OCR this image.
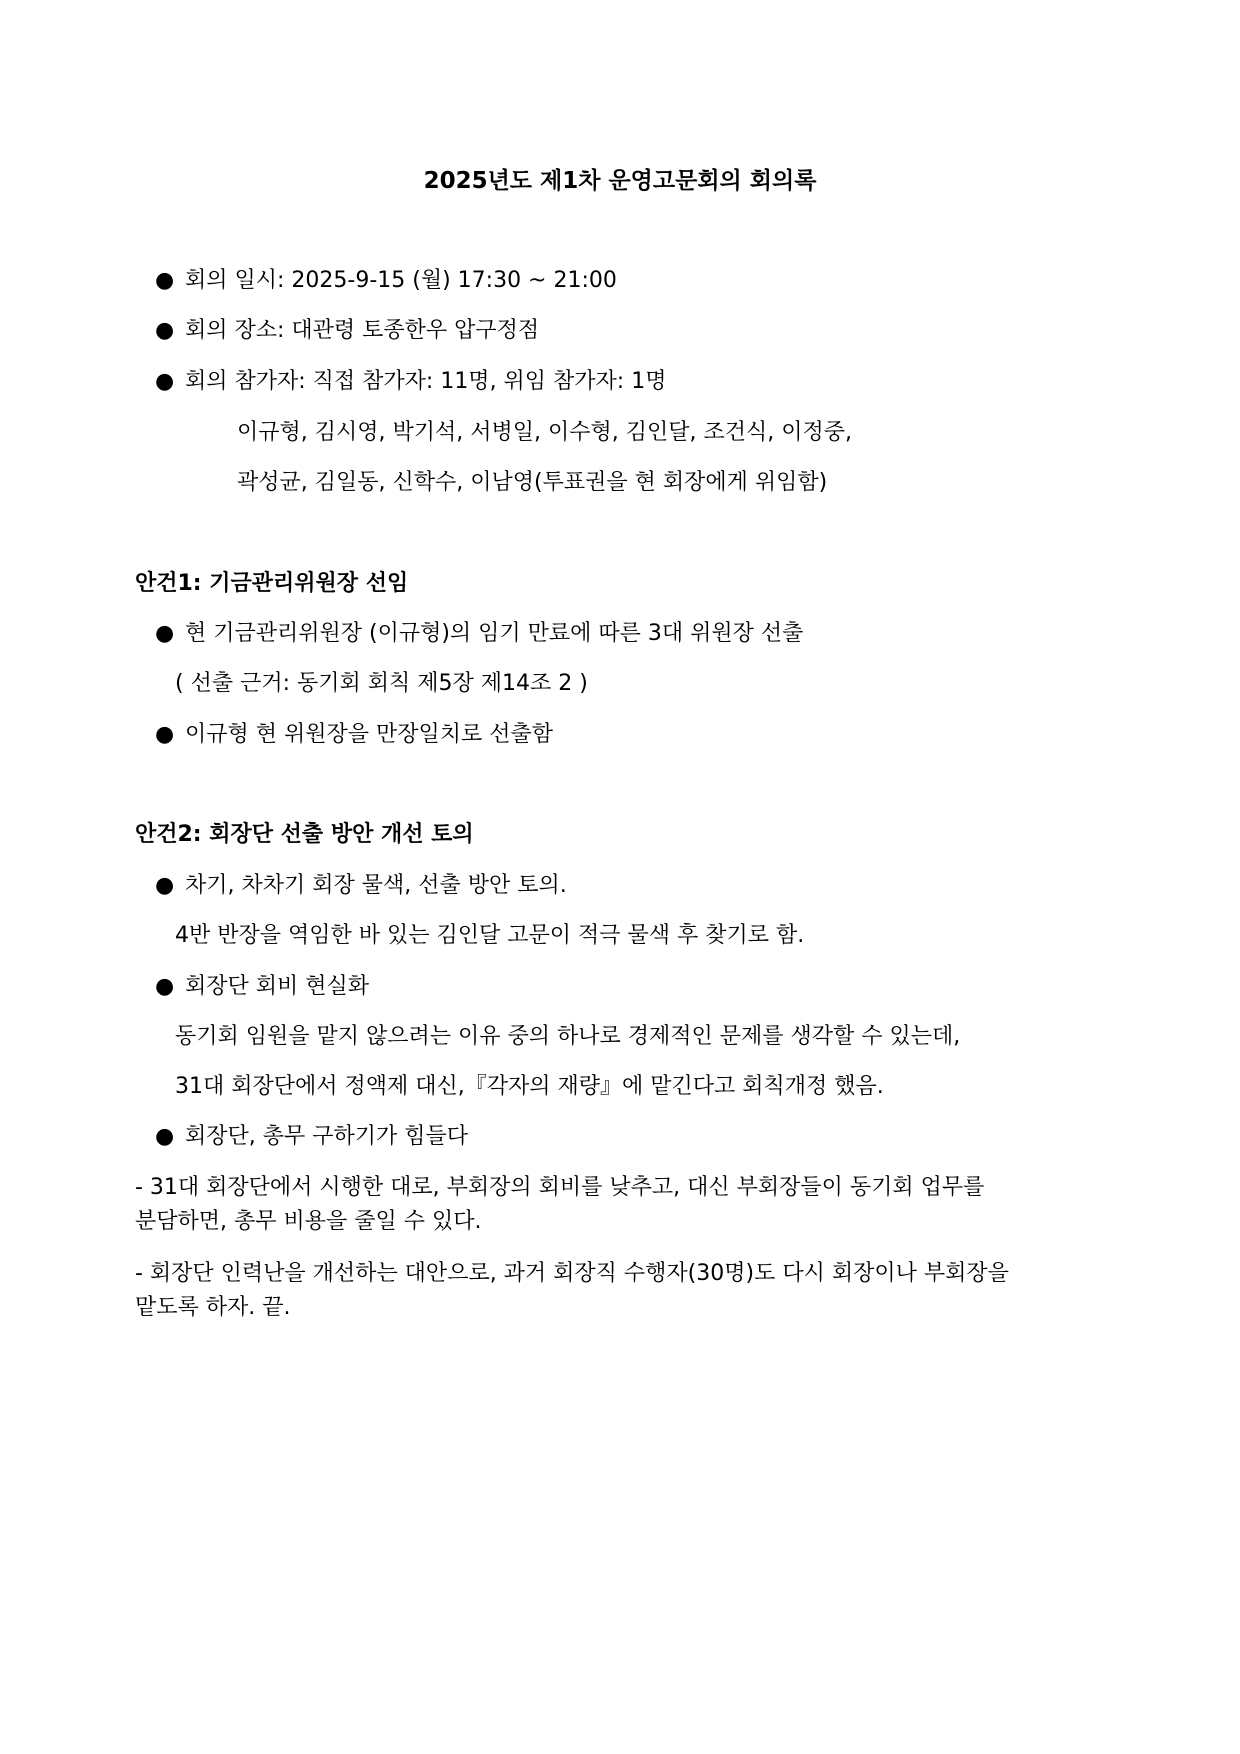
2025년도 제1차 운영고문회의 회의록
● 회의 일시: 2025-9-15 (월) 17:30 ~ 21:00
● 회의 장소: 대관령 토종한우 압구정점
● 회의 참가자: 직접 참가자: 11명, 위임 참가자: 1명
이규형, 김시영, 박기석, 서병일, 이수형, 김인달, 조건식, 이정중,
곽성균, 김일동, 신학수, 이남영(투표권을 현 회장에게 위임함)
안건1: 기금관리위원장 선임
● 현 기금관리위원장 (이규형)의 임기 만료에 따른 3대 위원장 선출
( 선출 근거: 동기회 회칙 제5장 제14조 2 )
● 이규형 현 위원장을 만장일치로 선출함
안건2: 회장단 선출 방안 개선 토의
● 차기, 차차기 회장 물색, 선출 방안 토의.
4반 반장을 역임한 바 있는 김인달 고문이 적극 물색 후 찾기로 함.
● 회장단 회비 현실화
동기회 임원을 맡지 않으려는 이유 중의 하나로 경제적인 문제를 생각할 수 있는데,
31대 회장단에서 정액제 대신,『각자의 재량』에 맡긴다고 회칙개정 했음.
● 회장단, 총무 구하기가 힘들다
- 31대 회장단에서 시행한 대로, 부회장의 회비를 낮추고, 대신 부회장들이 동기회 업무를
분담하면, 총무 비용을 줄일 수 있다.
- 회장단 인력난을 개선하는 대안으로, 과거 회장직 수행자(30명)도 다시 회장이나 부회장을
맡도록 하자. 끝.
